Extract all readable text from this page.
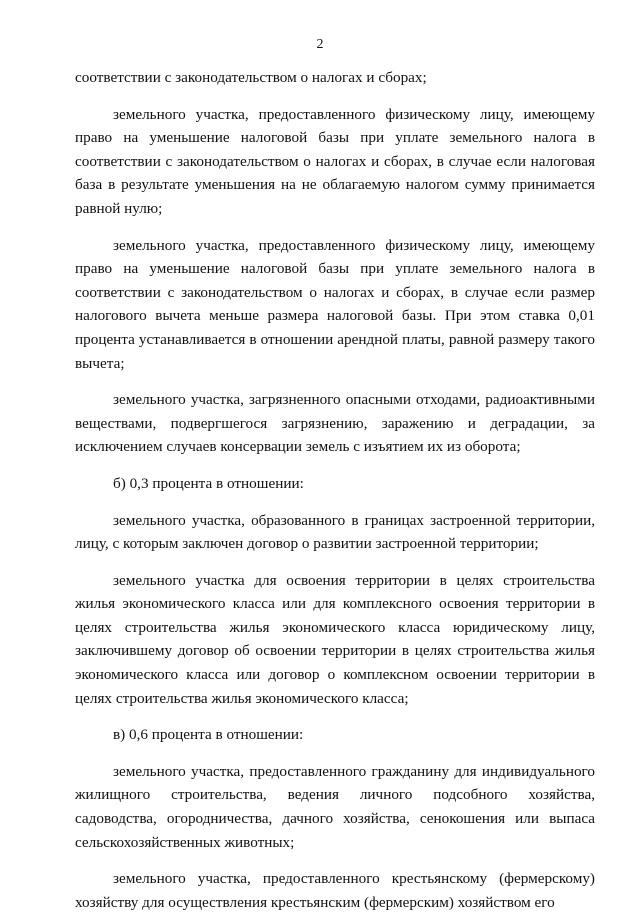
2

соответствии с законодательством о налогах и сборах;

земельного участка, предоставленного физическому лицу, имеющему право на уменьшение налоговой базы при уплате земельного налога в соответствии с законодательством о налогах и сборах, в случае если налоговая база в результате уменьшения на не облагаемую налогом сумму принимается равной нулю;

земельного участка, предоставленного физическому лицу, имеющему право на уменьшение налоговой базы при уплате земельного налога в соответствии с законодательством о налогах и сборах, в случае если размер налогового вычета меньше размера налоговой базы. При этом ставка 0,01 процента устанавливается в отношении арендной платы, равной размеру такого вычета;

земельного участка, загрязненного опасными отходами, радиоактивными веществами, подвергшегося загрязнению, заражению и деградации, за исключением случаев консервации земель с изъятием их из оборота;

б) 0,3 процента в отношении:

земельного участка, образованного в границах застроенной территории, лицу, с которым заключен договор о развитии застроенной территории;

земельного участка для освоения территории в целях строительства жилья экономического класса или для комплексного освоения территории в целях строительства жилья экономического класса юридическому лицу, заключившему договор об освоении территории в целях строительства жилья экономического класса или договор о комплексном освоении территории в целях строительства жилья экономического класса;

в) 0,6 процента в отношении:

земельного участка, предоставленного гражданину для индивидуального жилищного строительства, ведения личного подсобного хозяйства, садоводства, огородничества, дачного хозяйства, сенокошения или выпаса сельскохозяйственных животных;

земельного участка, предоставленного крестьянскому (фермерскому) хозяйству для осуществления крестьянским (фермерским) хозяйством его
